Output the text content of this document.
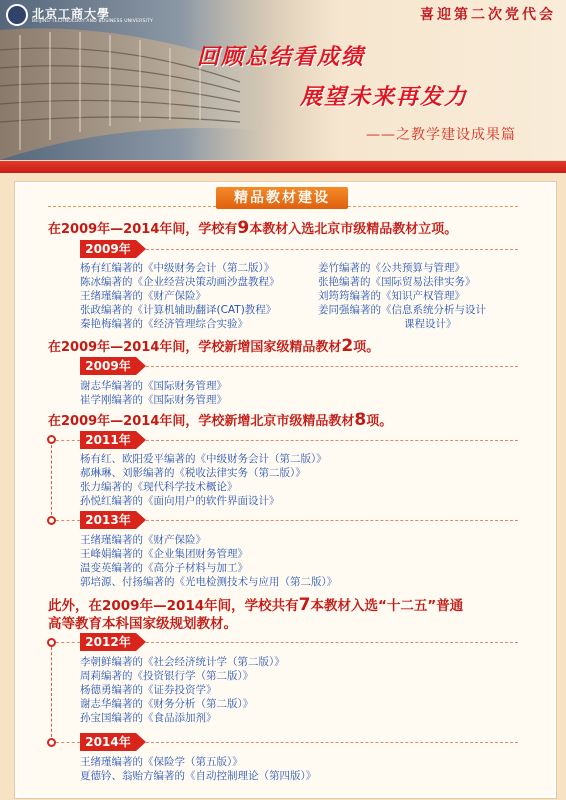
北京工商大學
BEIJING TECHNOLOGY AND BUSINESS UNIVERSITY	喜迎第二次党代会
回顾总结看成绩
展望未来再发力
——之教学建设成果篇
精品教材建设
在2009年—2014年间，学校有9本教材入选北京市级精品教材立项。
2009年
杨有红编著的《中级财务会计（第二版）》
陈冰编著的《企业经营决策动画沙盘教程》
王绪瑾编著的《财产保险》
张政编著的《计算机辅助翻译(CAT)教程》
秦艳梅编著的《经济管理综合实验》
姜竹编著的《公共预算与管理》
张艳编著的《国际贸易法律实务》
刘筠筠编著的《知识产权管理》
姜同强编著的《信息系统分析与设计
课程设计》
在2009年—2014年间，学校新增国家级精品教材2项。
2009年
谢志华编著的《国际财务管理》
崔学刚编著的《国际财务管理》
在2009年—2014年间，学校新增北京市级精品教材8项。
2011年
杨有红、欧阳爱平编著的《中级财务会计（第二版）》
郝琳琳、刘影编著的《税收法律实务（第二版）》
张力编著的《现代科学技术概论》
孙悦红编著的《面向用户的软件界面设计》
2013年
王绪瑾编著的《财产保险》
王峰娟编著的《企业集团财务管理》
温变英编著的《高分子材料与加工》
郭培源、付扬编著的《光电检测技术与应用（第二版）》
此外，在2009年—2014年间，学校共有7本教材入选“十二五”普通
高等教育本科国家级规划教材。
2012年
李朝鲜编著的《社会经济统计学（第二版）》
周莉编著的《投资银行学（第二版）》
杨德勇编著的《证券投资学》
谢志华编著的《财务分析（第二版）》
孙宝国编著的《食品添加剂》
2014年
王绪瑾编著的《保险学（第五版）》
夏德钤、翁贻方编著的《自动控制理论（第四版）》
